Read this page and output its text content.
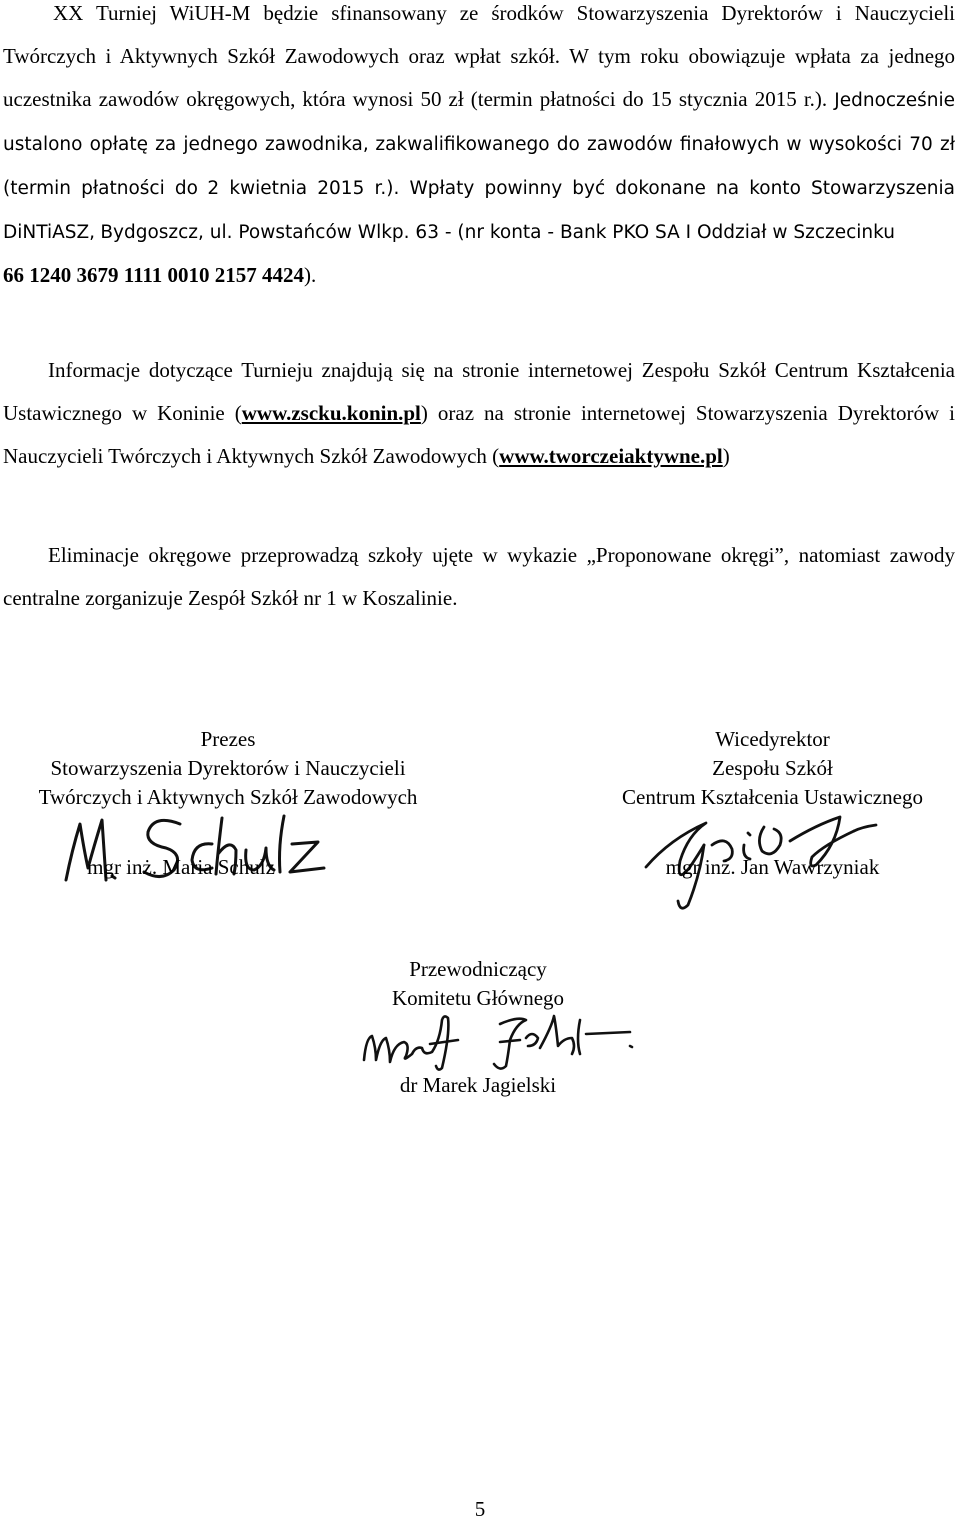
XX Turniej WiUH-M będzie sfinansowany ze środków Stowarzyszenia Dyrektorów i Nauczycieli Twórczych i Aktywnych Szkół Zawodowych oraz wpłat szkół. W tym roku obowiązuje wpłata za jednego uczestnika zawodów okręgowych, która wynosi 50 zł (termin płatności do 15 stycznia 2015 r.). Jednocześnie ustalono opłatę za jednego zawodnika, zakwalifikowanego do zawodów finałowych w wysokości 70 zł (termin płatności do 2 kwietnia 2015 r.). Wpłaty powinny być dokonane na konto Stowarzyszenia DiNTiASZ, Bydgoszcz, ul. Powstańców Wlkp. 63 - (nr konta - Bank PKO SA I Oddział w Szczecinku
66 1240 3679 1111 0010 2157 4424).

Informacje dotyczące Turnieju znajdują się na stronie internetowej Zespołu Szkół Centrum Kształcenia Ustawicznego w Koninie (www.zscku.konin.pl) oraz na stronie internetowej Stowarzyszenia Dyrektorów i Nauczycieli Twórczych i Aktywnych Szkół Zawodowych (www.tworczeiaktywne.pl)

Eliminacje okręgowe przeprowadzą szkoły ujęte w wykazie „Proponowane okręgi”, natomiast zawody centralne zorganizuje Zespół Szkół nr 1 w Koszalinie.

Prezes
Stowarzyszenia Dyrektorów i Nauczycieli
Twórczych i Aktywnych Szkół Zawodowych
mgr inż. Maria Schulz
Wicedyrektor
Zespołu Szkół
Centrum Kształcenia Ustawicznego
mgr inż. Jan Wawrzyniak
Przewodniczący
Komitetu Głównego
dr Marek Jagielski
5
